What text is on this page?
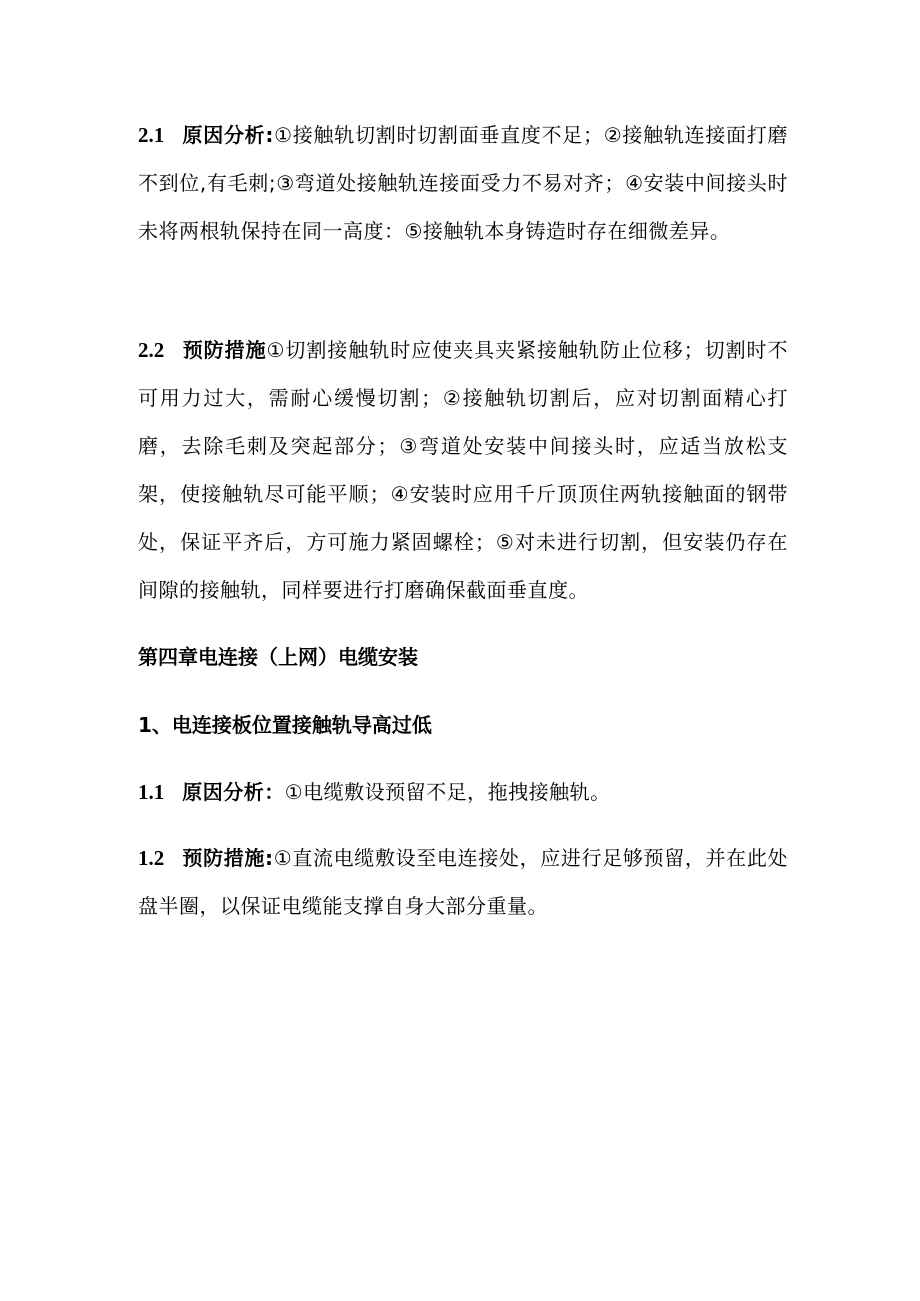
2.1 原因分析:①接触轨切割时切割面垂直度不足；②接触轨连接面打磨不到位,有毛刺;③弯道处接触轨连接面受力不易对齐；④安装中间接头时未将两根轨保持在同一高度：⑤接触轨本身铸造时存在细微差异。

2.2 预防措施①切割接触轨时应使夹具夹紧接触轨防止位移；切割时不可用力过大，需耐心缓慢切割；②接触轨切割后，应对切割面精心打磨，去除毛刺及突起部分；③弯道处安装中间接头时，应适当放松支架，使接触轨尽可能平顺；④安装时应用千斤顶顶住两轨接触面的钢带处，保证平齐后，方可施力紧固螺栓；⑤对未进行切割，但安装仍存在间隙的接触轨，同样要进行打磨确保截面垂直度。

第四章电连接（上网）电缆安装
1、电连接板位置接触轨导高过低

1.1 原因分析：①电缆敷设预留不足，拖拽接触轨。

1.2 预防措施:①直流电缆敷设至电连接处，应进行足够预留，并在此处盘半圈，以保证电缆能支撑自身大部分重量。
